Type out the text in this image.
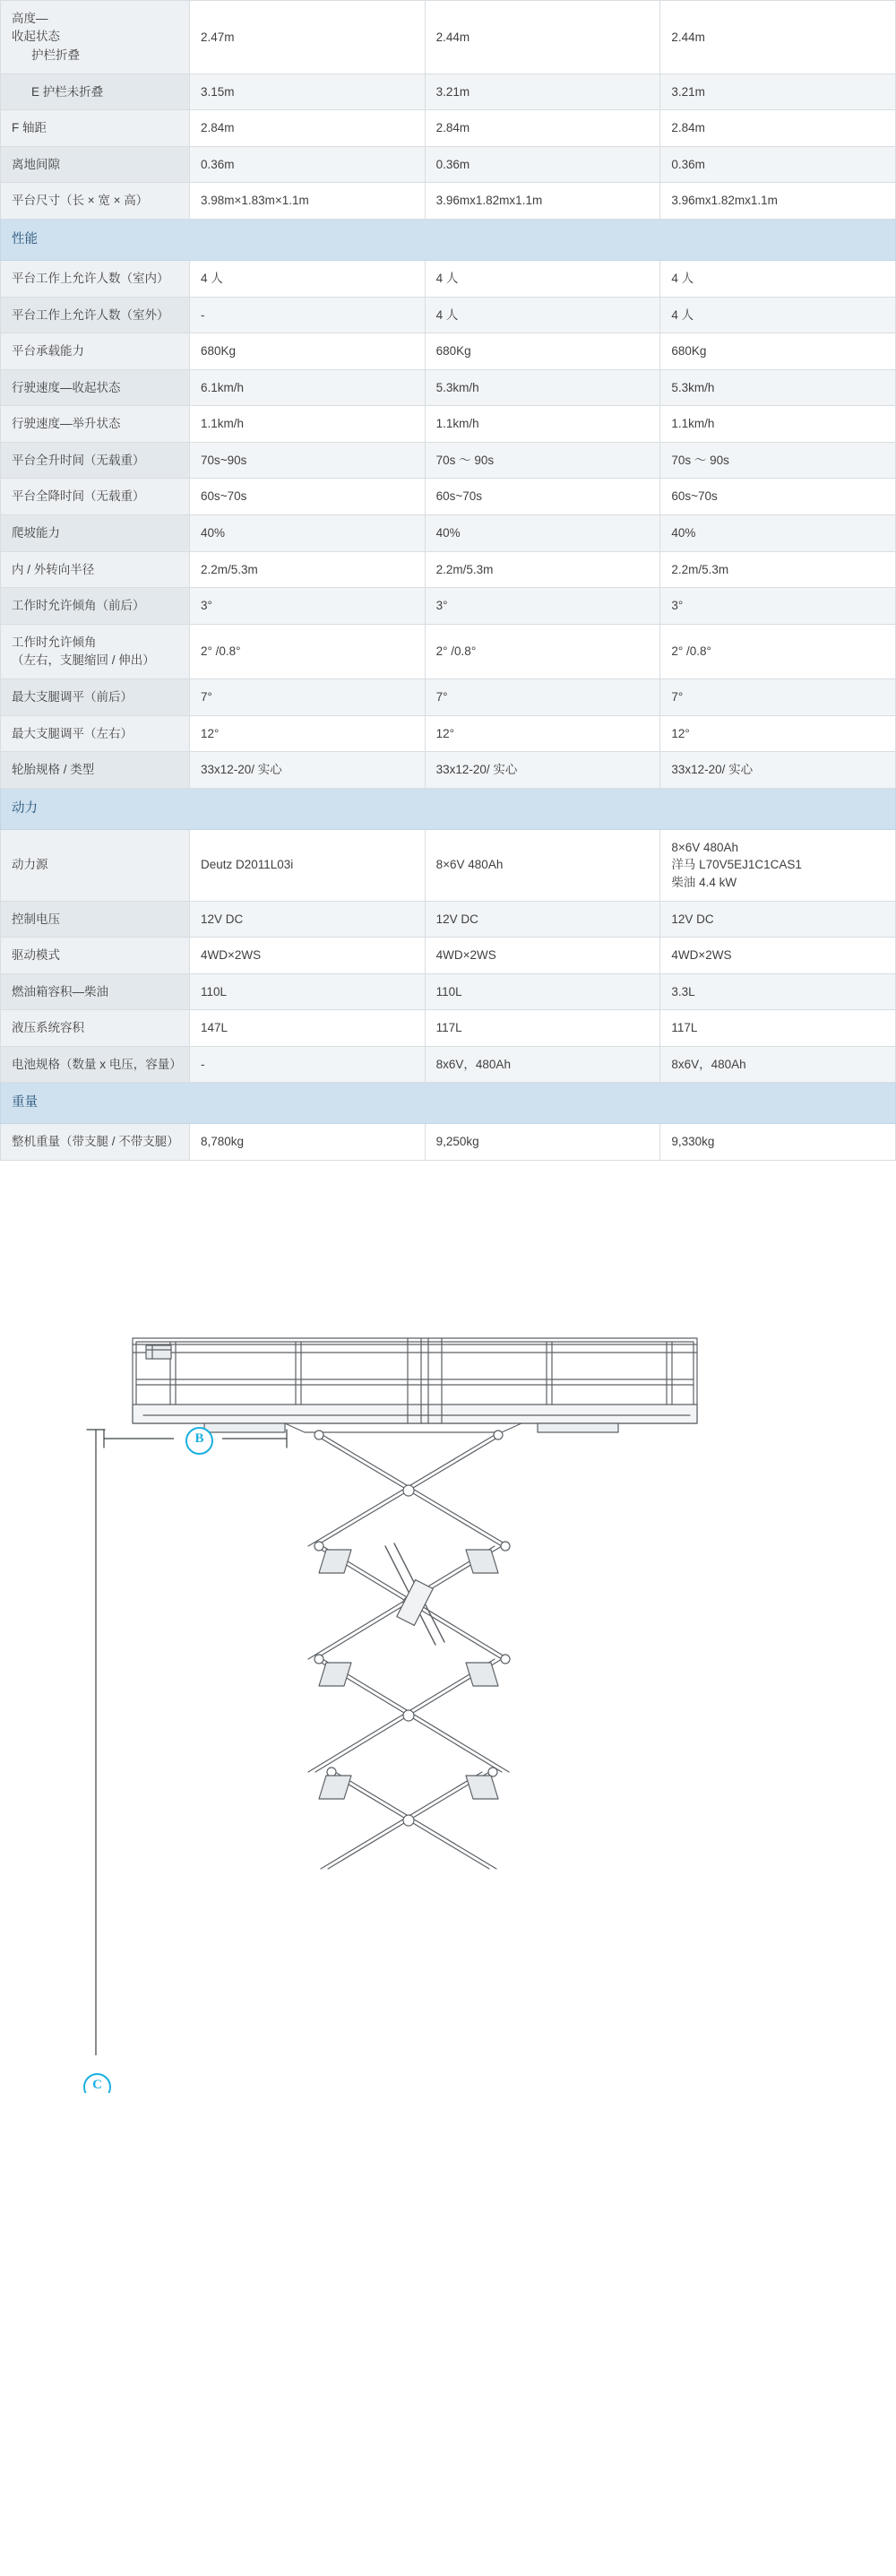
高度—
收起状态
护栏折叠	2.47m	2.44m	2.44m

E 护栏未折叠	3.15m	3.21m	3.21m
F 轴距	2.84m	2.84m	2.84m
离地间隙	0.36m	0.36m	0.36m
平台尺寸（长 × 宽 × 高）	3.98m×1.83m×1.1m	3.96mx1.82mx1.1m	3.96mx1.82mx1.1m
性能			
平台工作上允许人数（室内）	4 人	4 人	4 人
平台工作上允许人数（室外）	-	4 人	4 人
平台承载能力	680Kg	680Kg	680Kg
行驶速度—收起状态	6.1km/h	5.3km/h	5.3km/h
行驶速度—举升状态	1.1km/h	1.1km/h	1.1km/h
平台全升时间（无载重）	70s~90s	70s ～ 90s	70s ～ 90s
平台全降时间（无载重）	60s~70s	60s~70s	60s~70s
爬坡能力	40%	40%	40%
内 / 外转向半径	2.2m/5.3m	2.2m/5.3m	2.2m/5.3m
工作时允许倾角（前后）	3°	3°	3°
工作时允许倾角
（左右，支腿缩回 / 伸出）	2° /0.8°	2° /0.8°	2° /0.8°
最大支腿调平（前后）	7°	7°	7°
最大支腿调平（左右）	12°	12°	12°
轮胎规格 / 类型	33x12-20/ 实心	33x12-20/ 实心	33x12-20/ 实心
动力			
动力源	Deutz D2011L03i	8×6V 480Ah	8×6V 480Ah
洋马 L70V5EJ1C1CAS1
柴油 4.4 kW
控制电压	12V DC	12V DC	12V DC
驱动模式	4WD×2WS	4WD×2WS	4WD×2WS
燃油箱容积—柴油	110L	110L	3.3L
液压系统容积	147L	117L	117L
电池规格（数量 x 电压，容量）	-	8x6V，480Ah	8x6V，480Ah
重量			
整机重量（带支腿 / 不带支腿）	8,780kg	9,250kg	9,330kg
B
C
